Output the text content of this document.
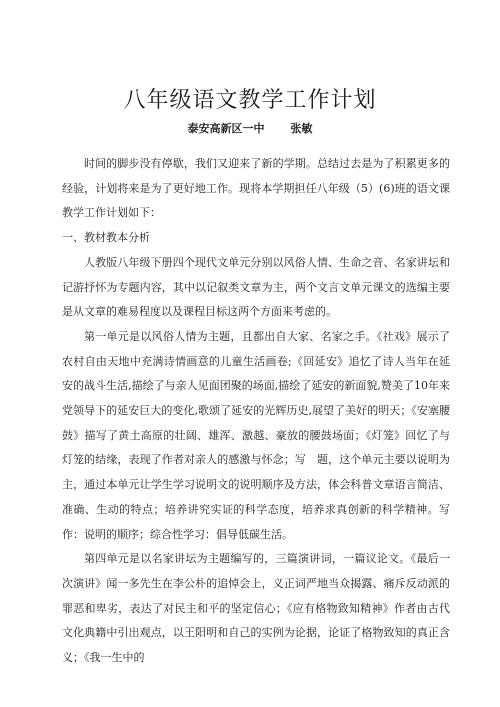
八年级语文教学工作计划
泰安高新区一中 张敏

时间的脚步没有停歇，我们又迎来了新的学期。总结过去是为了积累更多的经验，计划将来是为了更好地工作。现将本学期担任八年级（5）(6)班的语文课教学工作计划如下：

一、教材教本分析

人教版八年级下册四个现代文单元分别以风俗人情、生命之音、名家讲坛和记游抒怀为专题内容，其中以记叙类文章为主，两个文言文单元课文的选编主要是从文章的难易程度以及课程目标这两个方面来考虑的。

第一单元是以风俗人情为主题，且都出自大家、名家之手。《社戏》展示了农村自由天地中充满诗情画意的儿童生活画卷;《回延安》追忆了诗人当年在延安的战斗生活,描绘了与亲人见面团聚的场面,描绘了延安的新面貌,赞美了10年来党领导下的延安巨大的变化,歌颂了延安的光辉历史,展望了美好的明天；《安塞腰鼓》描写了黄土高原的壮阔、雄浑、激越、豪放的腰鼓场面；《灯笼》回忆了与灯笼的结缘，表现了作者对亲人的感激与怀念；写　题，这个单元主要以说明为主，通过本单元让学生学习说明文的说明顺序及方法，体会科普文章语言简洁、准确、生动的特点；培养讲究实证的科学态度，培养求真创新的科学精神。写作：说明的顺序；综合性学习：倡导低碳生活。

第四单元是以名家讲坛为主题编写的，三篇演讲词，一篇议论文。《最后一次演讲》闻一多先生在李公朴的追悼会上，义正词严地当众揭露、痛斥反动派的罪恶和卑劣，表达了对民主和平的坚定信心；《应有格物致知精神》作者由古代文化典籍中引出观点，以王阳明和自己的实例为论据，论证了格物致知的真正含义；《我一生中的
